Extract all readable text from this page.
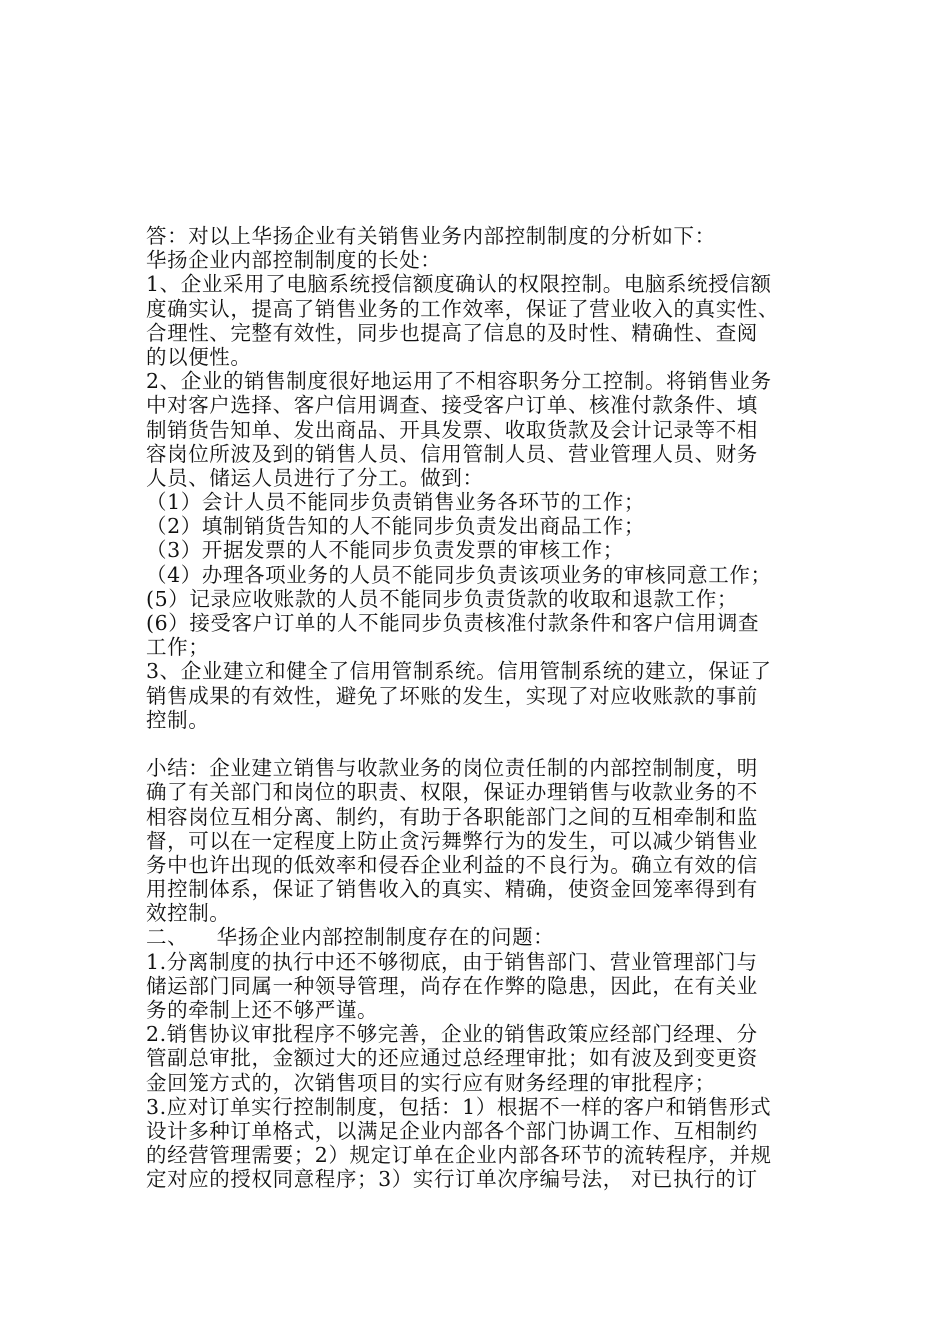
答：对以上华扬企业有关销售业务内部控制制度的分析如下：
华扬企业内部控制制度的长处：
1、企业采用了电脑系统授信额度确认的权限控制。电脑系统授信额
度确实认，提高了销售业务的工作效率，保证了营业收入的真实性、
合理性、完整有效性，同步也提高了信息的及时性、精确性、查阅
的以便性。
2、企业的销售制度很好地运用了不相容职务分工控制。将销售业务
中对客户选择、客户信用调查、接受客户订单、核准付款条件、填
制销货告知单、发出商品、开具发票、收取货款及会计记录等不相
容岗位所波及到的销售人员、信用管制人员、营业管理人员、财务
人员、储运人员进行了分工。做到：
（1）会计人员不能同步负责销售业务各环节的工作；
（2）填制销货告知的人不能同步负责发出商品工作；
（3）开据发票的人不能同步负责发票的审核工作；
（4）办理各项业务的人员不能同步负责该项业务的审核同意工作；
(5）记录应收账款的人员不能同步负责货款的收取和退款工作；
(6）接受客户订单的人不能同步负责核准付款条件和客户信用调查
工作；
3、企业建立和健全了信用管制系统。信用管制系统的建立，保证了
销售成果的有效性，避免了坏账的发生，实现了对应收账款的事前
控制。
小结：企业建立销售与收款业务的岗位责任制的内部控制制度，明
确了有关部门和岗位的职责、权限，保证办理销售与收款业务的不
相容岗位互相分离、制约，有助于各职能部门之间的互相牵制和监
督，可以在一定程度上防止贪污舞弊行为的发生，可以减少销售业
务中也许出现的低效率和侵吞企业利益的不良行为。确立有效的信
用控制体系，保证了销售收入的真实、精确，使资金回笼率得到有
效控制。
二、    华扬企业内部控制制度存在的问题：
1.分离制度的执行中还不够彻底，由于销售部门、营业管理部门与
储运部门同属一种领导管理，尚存在作弊的隐患，因此，在有关业
务的牵制上还不够严谨。
2.销售协议审批程序不够完善，企业的销售政策应经部门经理、分
管副总审批，金额过大的还应通过总经理审批；如有波及到变更资
金回笼方式的，次销售项目的实行应有财务经理的审批程序；
3.应对订单实行控制制度，包括：1）根据不一样的客户和销售形式
设计多种订单格式，以满足企业内部各个部门协调工作、互相制约
的经营管理需要；2）规定订单在企业内部各环节的流转程序，并规
定对应的授权同意程序；3）实行订单次序编号法， 对已执行的订
